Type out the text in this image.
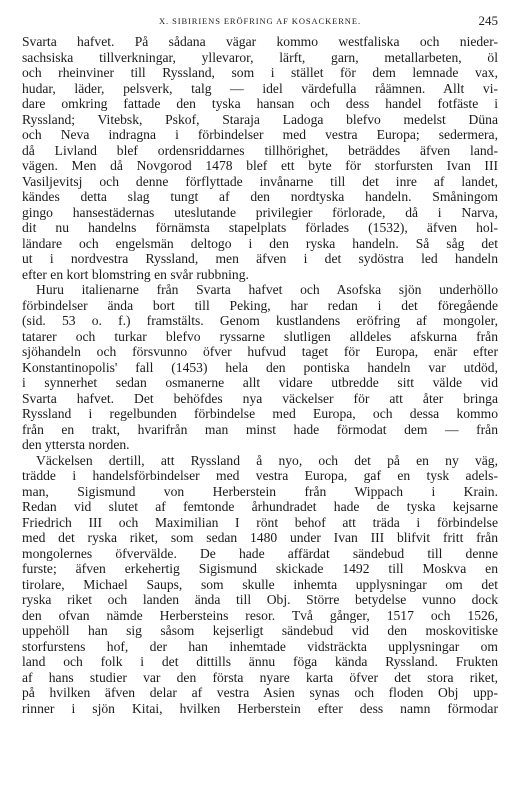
X. SIBIRIENS ERÖFRING AF KOSACKERNE.	245
Svarta hafvet. På sådana vägar kommo westfaliska och nieder-
sachsiska tillverkningar, yllevaror, lärft, garn, metallarbeten, öl
och rheinviner till Ryssland, som i stället för dem lemnade vax,
hudar, läder, pelsverk, talg — idel värdefulla råämnen. Allt vi-
dare omkring fattade den tyska hansan och dess handel fotfäste i
Ryssland; Vitebsk, Pskof, Staraja Ladoga blefvo medelst Düna
och Neva indragna i förbindelser med vestra Europa; sedermera,
då Livland blef ordensriddarnes tillhörighet, beträddes äfven land-
vägen. Men då Novgorod 1478 blef ett byte för storfursten Ivan III
Vasiljevitsj och denne förflyttade invånarne till det inre af landet,
kändes detta slag tungt af den nordtyska handeln. Småningom
gingo hansestädernas uteslutande privilegier förlorade, då i Narva,
dit nu handelns förnämsta stapelplats förlades (1532), äfven hol-
ländare och engelsmän deltogo i den ryska handeln. Så såg det
ut i nordvestra Ryssland, men äfven i det sydöstra led handeln
efter en kort blomstring en svår rubbning.
Huru italienarne från Svarta hafvet och Asofska sjön underhöllo
förbindelser ända bort till Peking, har redan i det föregående
(sid. 53 o. f.) framstälts. Genom kustlandens eröfring af mongoler,
tatarer och turkar blefvo ryssarne slutligen alldeles afskurna från
sjöhandeln och försvunno öfver hufvud taget för Europa, enär efter
Konstantinopolis' fall (1453) hela den pontiska handeln var utdöd,
i synnerhet sedan osmanerne allt vidare utbredde sitt välde vid
Svarta hafvet. Det behöfdes nya väckelser för att åter bringa
Ryssland i regelbunden förbindelse med Europa, och dessa kommo
från en trakt, hvarifrån man minst hade förmodat dem — från
den yttersta norden.
Väckelsen dertill, att Ryssland å nyo, och det på en ny väg,
trädde i handelsförbindelser med vestra Europa, gaf en tysk adels-
man, Sigismund von Herberstein från Wippach i Krain.
Redan vid slutet af femtonde århundradet hade de tyska kejsarne
Friedrich III och Maximilian I rönt behof att träda i förbindelse
med det ryska riket, som sedan 1480 under Ivan III blifvit fritt från
mongolernes öfvervälde. De hade affärdat sändebud till denne
furste; äfven erkehertig Sigismund skickade 1492 till Moskva en
tirolare, Michael Saups, som skulle inhemta upplysningar om det
ryska riket och landen ända till Obj. Större betydelse vunno dock
den ofvan nämde Herbersteins resor. Två gånger, 1517 och 1526,
uppehöll han sig såsom kejserligt sändebud vid den moskovitiske
storfurstens hof, der han inhemtade vidsträckta upplysningar om
land och folk i det dittills ännu föga kända Ryssland. Frukten
af hans studier var den första nyare karta öfver det stora riket,
på hvilken äfven delar af vestra Asien synas och floden Obj upp-
rinner i sjön Kitai, hvilken Herberstein efter dess namn förmodar
